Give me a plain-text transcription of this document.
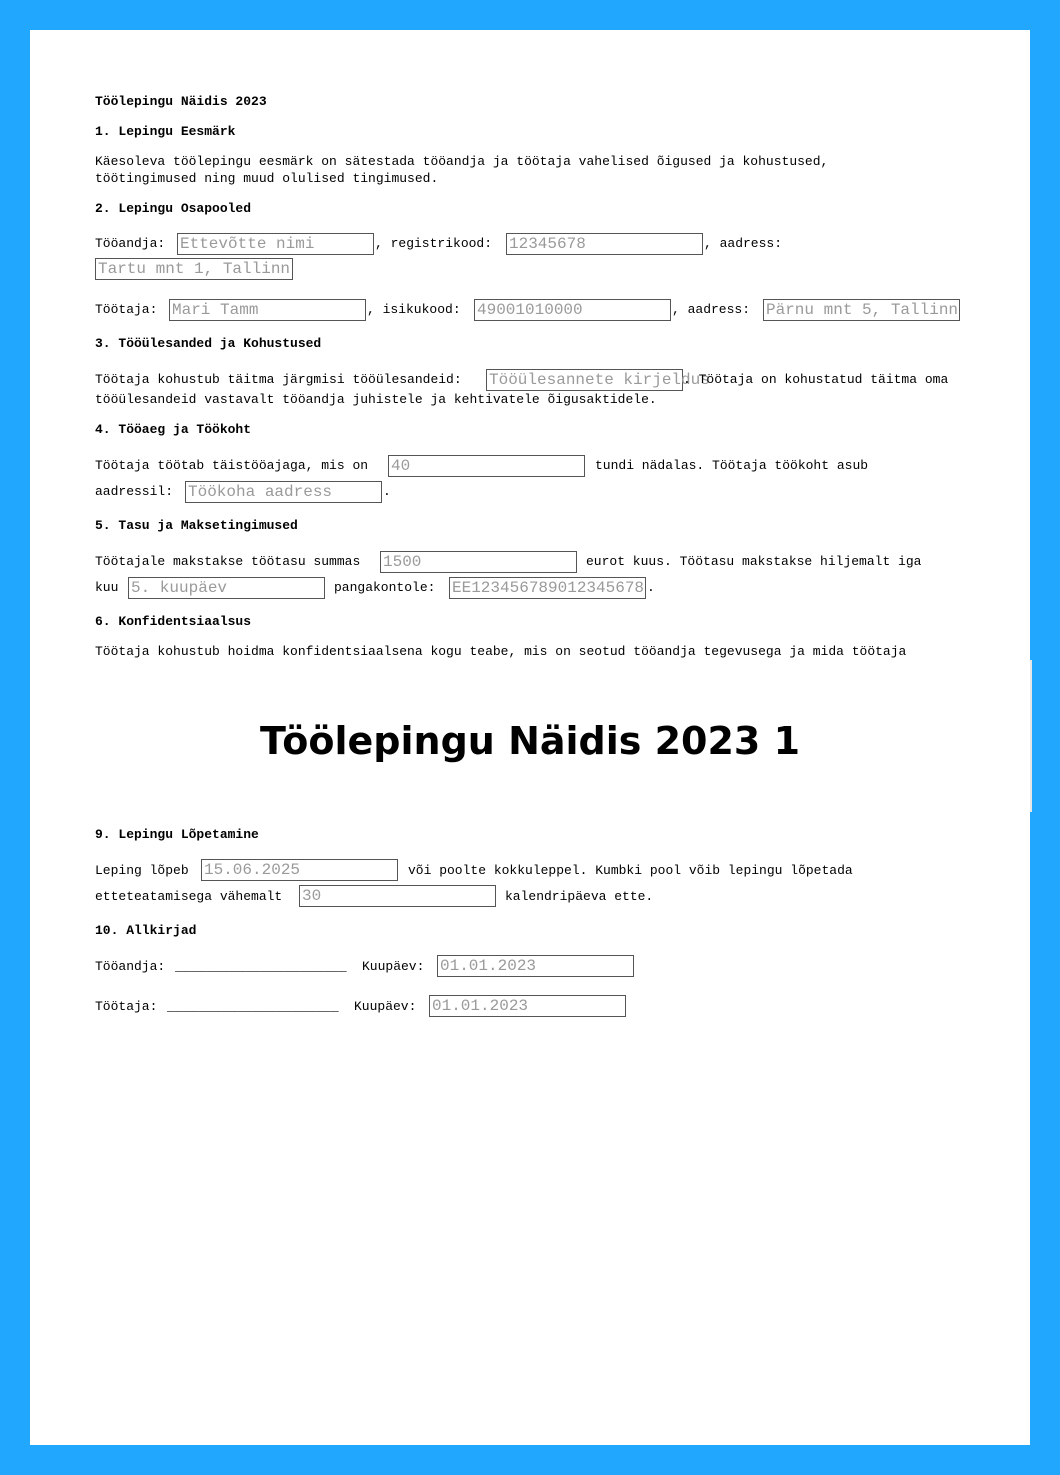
Töölepingu Näidis 2023
1. Lepingu Eesmärk
Käesoleva töölepingu eesmärk on sätestada tööandja ja töötaja vahelised õigused ja kohustused,
töötingimused ning muud olulised tingimused.
2. Lepingu Osapooled
Tööandja: Ettevõtte nimi	, registrikood: 12345678	, aadress:
Tartu mnt 1, Tallinn
Töötaja: Mari Tamm	, isikukood: 49001010000	, aadress: Pärnu mnt 5, Tallinn
3. Tööülesanded ja Kohustused
Töötaja kohustub täitma järgmisi tööülesandeid: Tööülesannete kirjeldus
. Töötaja on kohustatud täitma oma
tööülesandeid vastavalt tööandja juhistele ja kehtivatele õigusaktidele.
4. Tööaeg ja Töökoht
Töötaja töötab täistööajaga, mis on 40	tundi nädalas. Töötaja töökoht asub
aadressil: Töökoha aadress	.
5. Tasu ja Maksetingimused
Töötajale makstakse töötasu summas 1500	eurot kuus. Töötasu makstakse hiljemalt iga
kuu 5. kuupäev	pangakontole: EE123456789012345678 .
6. Konfidentsiaalsus
Töötaja kohustub hoidma konfidentsiaalsena kogu teabe, mis on seotud tööandja tegevusega ja mida töötaja
Töölepingu Näidis 2023 1
9. Lepingu Lõpetamine
Leping lõpeb 15.06.2025	või poolte kokkuleppel. Kumbki pool võib lepingu lõpetada
etteteatamisega vähemalt 30	kalendripäeva ette.
10. Allkirjad
Tööandja: ______________________ Kuupäev: 01.01.2023
Töötaja: ______________________ Kuupäev: 01.01.2023
